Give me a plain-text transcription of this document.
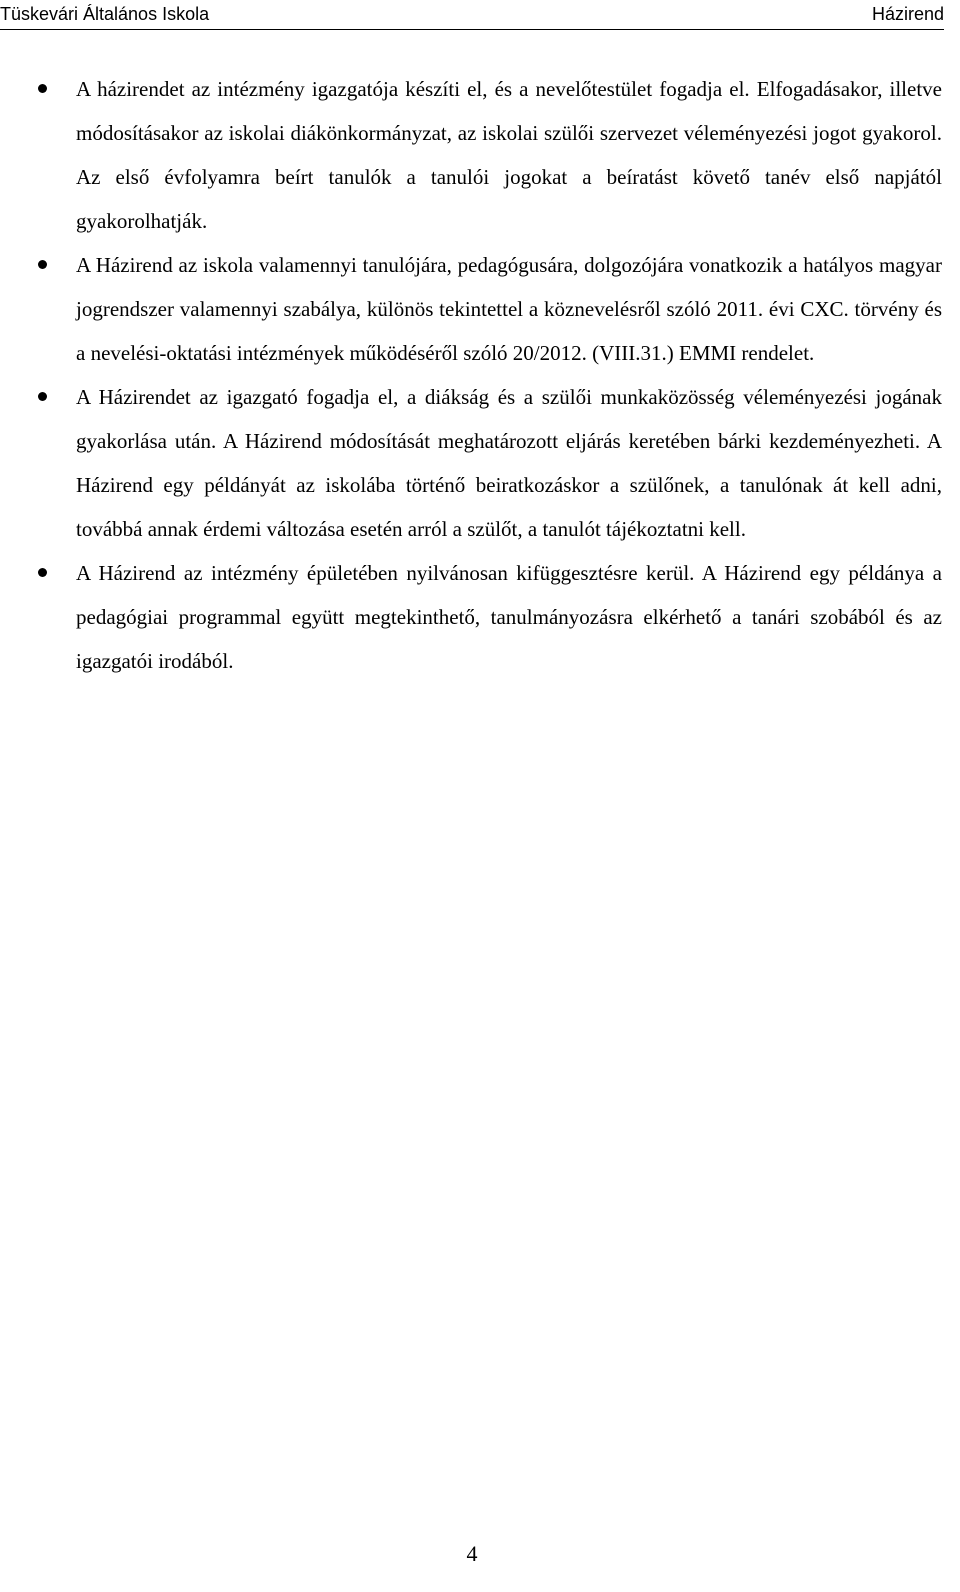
Tüskevári Általános Iskola	Házirend
A házirendet az intézmény igazgatója készíti el, és a nevelőtestület fogadja el. Elfogadásakor, illetve módosításakor az iskolai diákönkormányzat, az iskolai szülői szervezet véleményezési jogot gyakorol. Az első évfolyamra beírt tanulók a tanulói jogokat a beíratást követő tanév első napjától gyakorolhatják.
A Házirend az iskola valamennyi tanulójára, pedagógusára, dolgozójára vonatkozik a hatályos magyar jogrendszer valamennyi szabálya, különös tekintettel a köznevelésről szóló 2011. évi CXC. törvény és a nevelési-oktatási intézmények működéséről szóló 20/2012. (VIII.31.) EMMI rendelet.
A Házirendet az igazgató fogadja el, a diákság és a szülői munkaközösség véleményezési jogának gyakorlása után. A Házirend módosítását meghatározott eljárás keretében bárki kezdeményezheti. A Házirend egy példányát az iskolába történő beiratkozáskor a szülőnek, a tanulónak át kell adni, továbbá annak érdemi változása esetén arról a szülőt, a tanulót tájékoztatni kell.
A Házirend az intézmény épületében nyilvánosan kifüggesztésre kerül. A Házirend egy példánya a pedagógiai programmal együtt megtekinthető, tanulmányozásra elkérhető a tanári szobából és az igazgatói irodából.
4
